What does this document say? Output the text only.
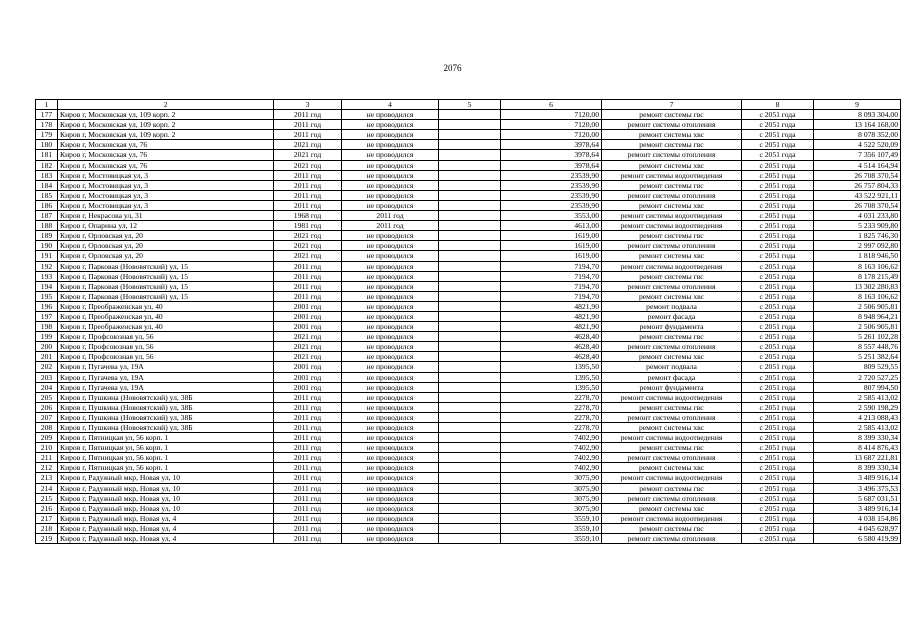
2076
1	2	3	4	5	6	7	8	9
177	Киров г, Московская ул, 109 корп. 2	2011 год	не проводился		7120,00	ремонт системы гвс	с 2051 года	8 093 304,00
178	Киров г, Московская ул, 109 корп. 2	2011 год	не проводился		7120,00	ремонт системы отопления	с 2051 года	13 164 168,00
179	Киров г, Московская ул, 109 корп. 2	2011 год	не проводился		7120,00	ремонт системы хвс	с 2051 года	8 078 352,00
180	Киров г, Московская ул, 76	2021 год	не проводился		3978,64	ремонт системы гвс	с 2051 года	4 522 520,09
181	Киров г, Московская ул, 76	2021 год	не проводился		3978,64	ремонт системы отопления	с 2051 года	7 356 107,49
182	Киров г, Московская ул, 76	2021 год	не проводился		3978,64	ремонт системы хвс	с 2051 года	4 514 164,94
183	Киров г, Мостовицкая ул, 3	2011 год	не проводился		23539,90	ремонт системы водоотведения	с 2051 года	26 708 370,54
184	Киров г, Мостовицкая ул, 3	2011 год	не проводился		23539,90	ремонт системы гвс	с 2051 года	26 757 804,33
185	Киров г, Мостовицкая ул, 3	2011 год	не проводился		23539,90	ремонт системы отопления	с 2051 года	43 522 921,11
186	Киров г, Мостовицкая ул, 3	2011 год	не проводился		23539,90	ремонт системы хвс	с 2051 года	26 708 370,54
187	Киров г, Некрасова ул, 31	1968 год	2011 год		3553,00	ремонт системы водоотведения	с 2051 года	4 031 233,80
188	Киров г, Опарина ул, 12	1981 год	2011 год		4613,00	ремонт системы водоотведения	с 2051 года	5 233 909,80
189	Киров г, Орловская ул, 20	2021 год	не проводился		1619,00	ремонт системы гвс	с 2051 года	1 825 746,30
190	Киров г, Орловская ул, 20	2021 год	не проводился		1619,00	ремонт системы отопления	с 2051 года	2 997 092,80
191	Киров г, Орловская ул, 20	2021 год	не проводился		1619,00	ремонт системы хвс	с 2051 года	1 818 946,50
192	Киров г, Парковая (Нововятский) ул, 15	2011 год	не проводился		7194,70	ремонт системы водоотведения	с 2051 года	8 163 106,62
193	Киров г, Парковая (Нововятский) ул, 15	2011 год	не проводился		7194,70	ремонт системы гвс	с 2051 года	8 178 215,49
194	Киров г, Парковая (Нововятский) ул, 15	2011 год	не проводился		7194,70	ремонт системы отопления	с 2051 года	13 302 280,83
195	Киров г, Парковая (Нововятский) ул, 15	2011 год	не проводился		7194,70	ремонт системы хвс	с 2051 года	8 163 106,62
196	Киров г, Преображенская ул, 40	2001 год	не проводился		4821,90	ремонт подвала	с 2051 года	2 506 905,81
197	Киров г, Преображенская ул, 40	2001 год	не проводился		4821,90	ремонт фасада	с 2051 года	8 948 964,21
198	Киров г, Преображенская ул, 40	2001 год	не проводился		4821,90	ремонт фундамента	с 2051 года	2 506 905,81
199	Киров г, Профсоюзная ул, 56	2021 год	не проводился		4628,40	ремонт системы гвс	с 2051 года	5 261 102,28
200	Киров г, Профсоюзная ул, 56	2021 год	не проводился		4628,40	ремонт системы отопления	с 2051 года	8 557 448,76
201	Киров г, Профсоюзная ул, 56	2021 год	не проводился		4628,40	ремонт системы хвс	с 2051 года	5 251 382,64
202	Киров г, Пугачева ул, 19А	2001 год	не проводился		1395,50	ремонт подвала	с 2051 года	809 529,55
203	Киров г, Пугачева ул, 19А	2001 год	не проводился		1395,50	ремонт фасада	с 2051 года	2 720 527,25
204	Киров г, Пугачева ул, 19А	2001 год	не проводился		1395,50	ремонт фундамента	с 2051 года	807 994,50
205	Киров г, Пушкина (Нововятский) ул, 38Б	2011 год	не проводился		2278,70	ремонт системы водоотведения	с 2051 года	2 585 413,02
206	Киров г, Пушкина (Нововятский) ул, 38Б	2011 год	не проводился		2278,70	ремонт системы гвс	с 2051 года	2 590 198,29
207	Киров г, Пушкина (Нововятский) ул, 38Б	2011 год	не проводился		2278,70	ремонт системы отопления	с 2051 года	4 213 088,43
208	Киров г, Пушкина (Нововятский) ул, 38Б	2011 год	не проводился		2278,70	ремонт системы хвс	с 2051 года	2 585 413,02
209	Киров г, Пятницкая ул, 56 корп. 1	2011 год	не проводился		7402,90	ремонт системы водоотведения	с 2051 года	8 399 330,34
210	Киров г, Пятницкая ул, 56 корп. 1	2011 год	не проводился		7402,90	ремонт системы гвс	с 2051 года	8 414 876,43
211	Киров г, Пятницкая ул, 56 корп. 1	2011 год	не проводился		7402,90	ремонт системы отопления	с 2051 года	13 687 221,81
212	Киров г, Пятницкая ул, 56 корп. 1	2011 год	не проводился		7402,90	ремонт системы хвс	с 2051 года	8 399 330,34
213	Киров г, Радужный мкр, Новая ул, 10	2011 год	не проводился		3075,90	ремонт системы водоотведения	с 2051 года	3 489 916,14
214	Киров г, Радужный мкр, Новая ул, 10	2011 год	не проводился		3075,90	ремонт системы гвс	с 2051 года	3 496 375,53
215	Киров г, Радужный мкр, Новая ул, 10	2011 год	не проводился		3075,90	ремонт системы отопления	с 2051 года	5 687 031,51
216	Киров г, Радужный мкр, Новая ул, 10	2011 год	не проводился		3075,90	ремонт системы хвс	с 2051 года	3 489 916,14
217	Киров г, Радужный мкр, Новая ул, 4	2011 год	не проводился		3559,10	ремонт системы водоотведения	с 2051 года	4 038 154,86
218	Киров г, Радужный мкр, Новая ул, 4	2011 год	не проводился		3559,10	ремонт системы гвс	с 2051 года	4 045 628,97
219	Киров г, Радужный мкр, Новая ул, 4	2011 год	не проводился		3559,10	ремонт системы отопления	с 2051 года	6 580 419,99
